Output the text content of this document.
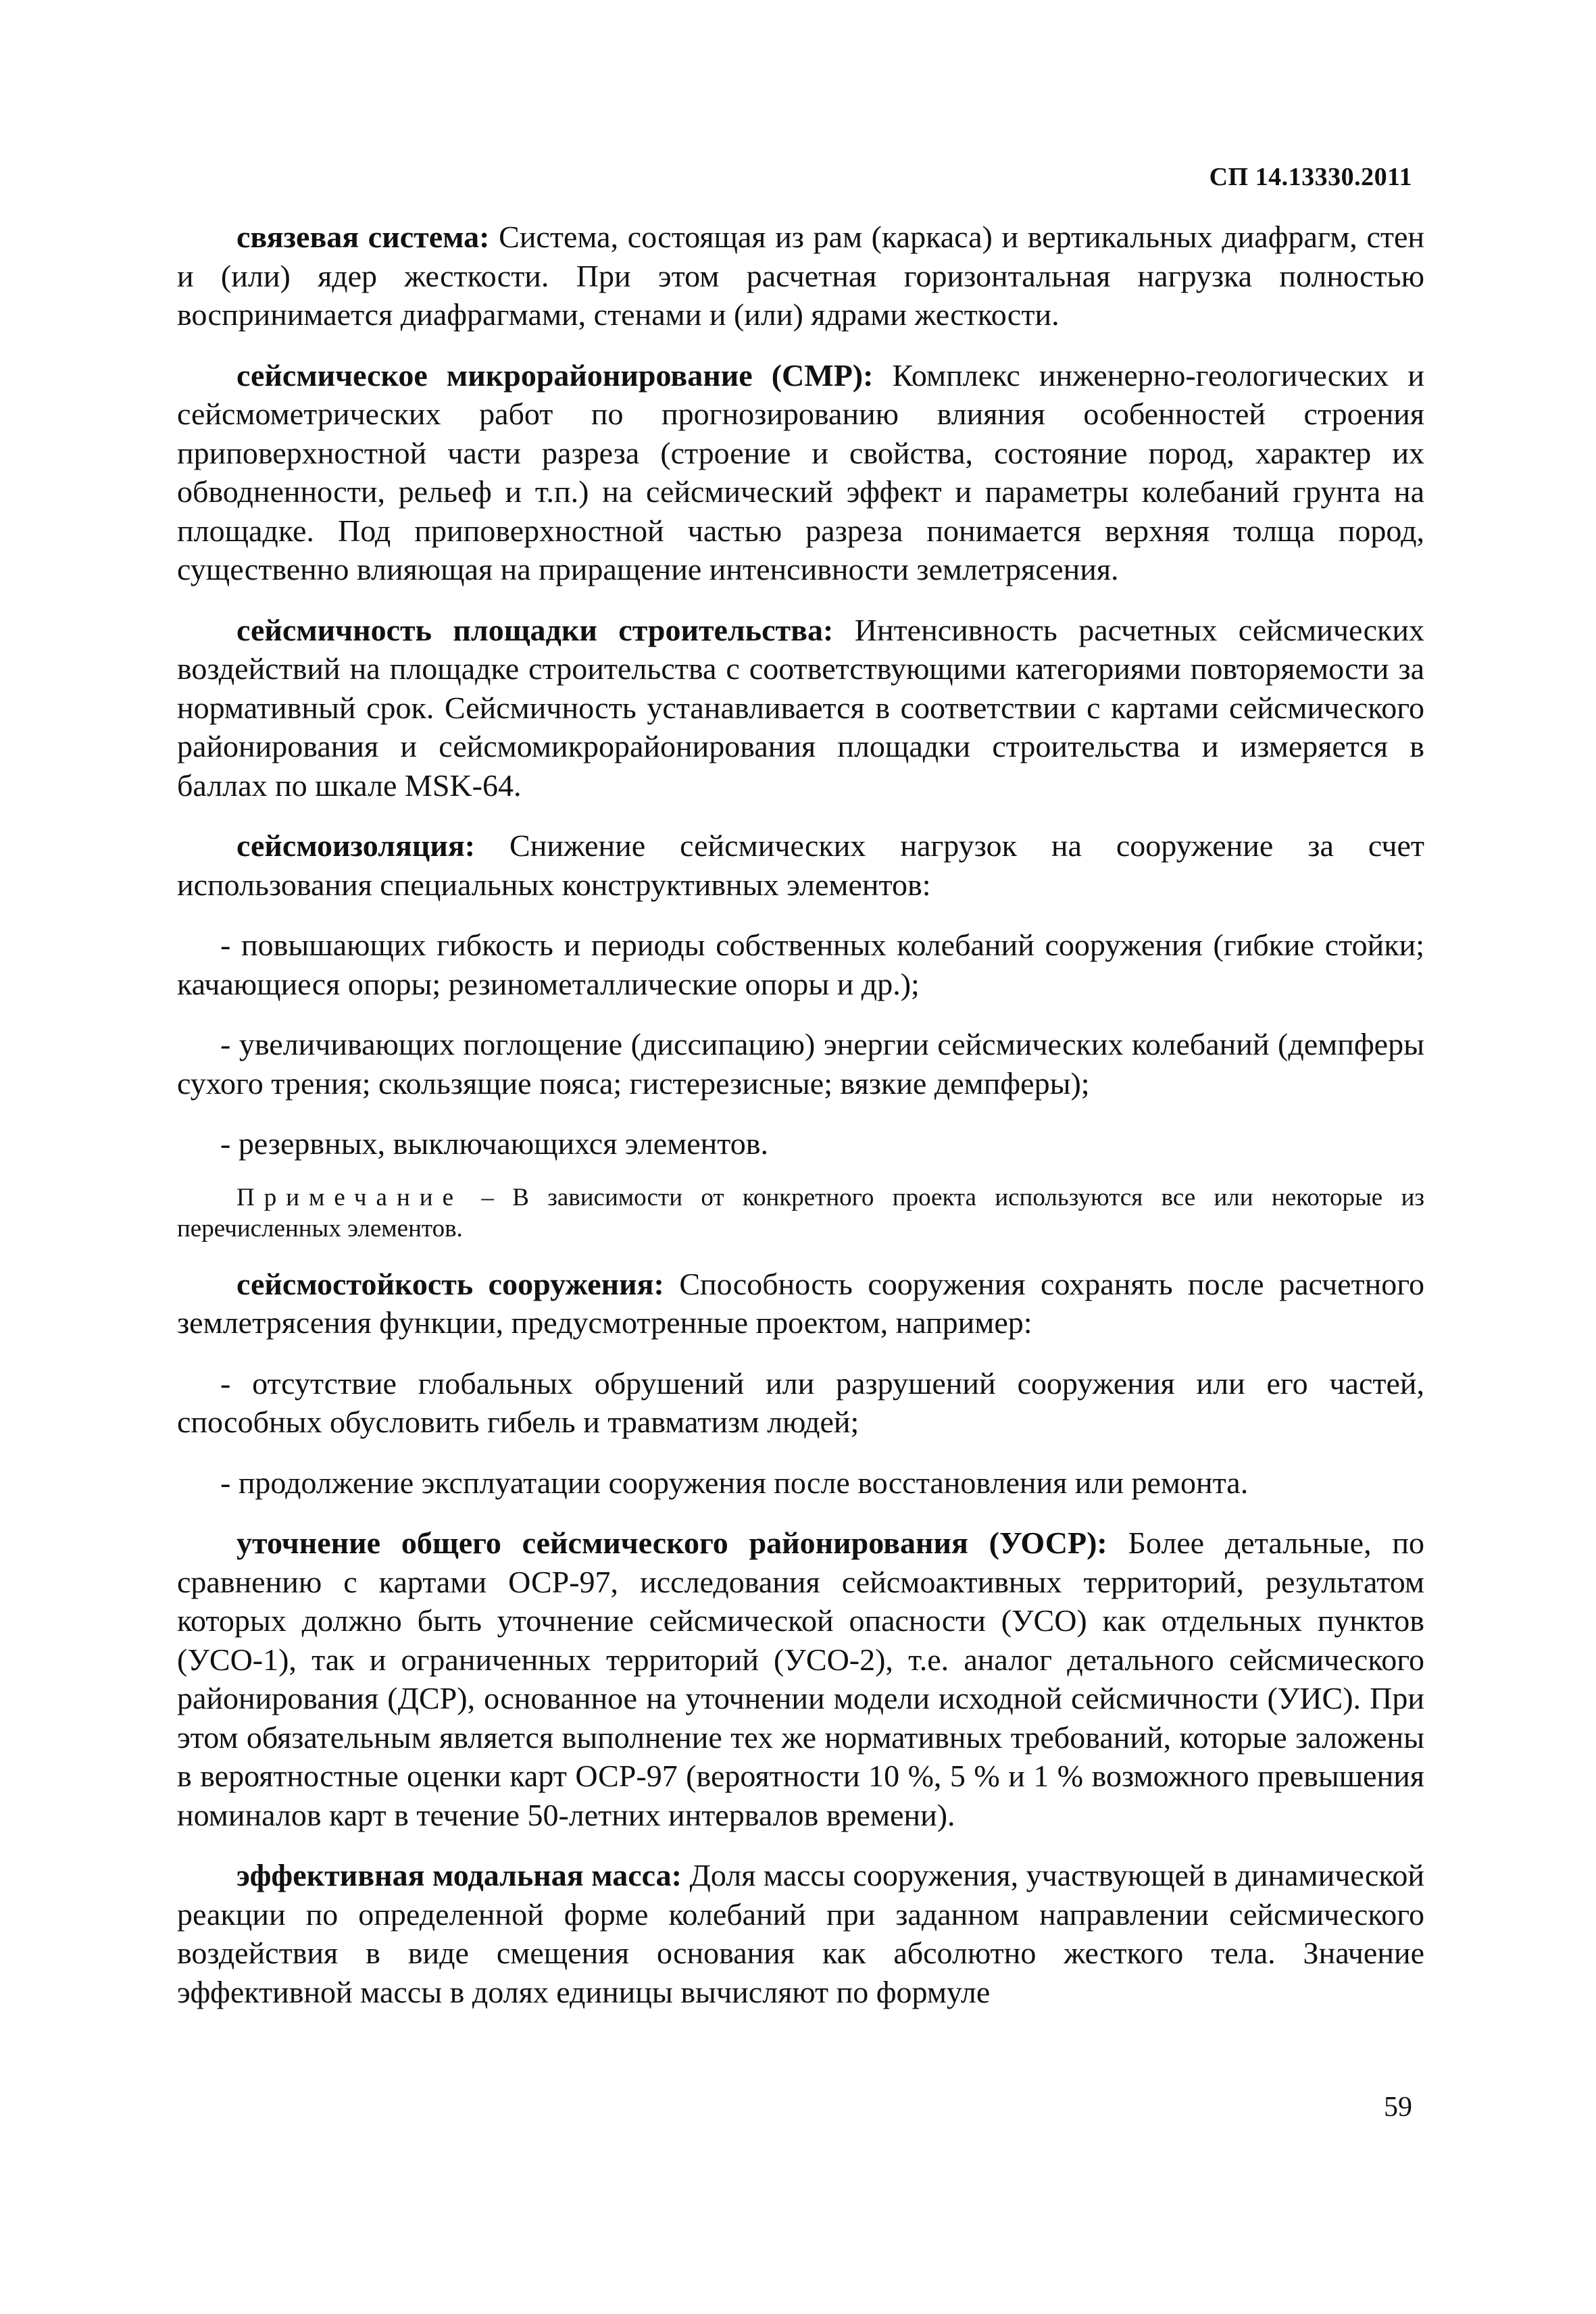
СП 14.13330.2011

связевая система: Система, состоящая из рам (каркаса) и вертикальных диафрагм, стен и (или) ядер жесткости. При этом расчетная горизонтальная нагрузка полностью воспринимается диафрагмами, стенами и (или) ядрами жесткости.

сейсмическое микрорайонирование (СМР): Комплекс инженерно-геологических и сейсмометрических работ по прогнозированию влияния особенностей строения приповерхностной части разреза (строение и свойства, состояние пород, характер их обводненности, рельеф и т.п.) на сейсмический эффект и параметры колебаний грунта на площадке. Под приповерхностной частью разреза понимается верхняя толща пород, существенно влияющая на приращение интенсивности землетрясения.

сейсмичность площадки строительства: Интенсивность расчетных сейсмических воздействий на площадке строительства с соответствующими категориями повторяемости за нормативный срок. Сейсмичность устанавливается в соответствии с картами сейсмического районирования и сейсмомикрорайонирования площадки строительства и измеряется в баллах по шкале MSK-64.

сейсмоизоляция: Снижение сейсмических нагрузок на сооружение за счет использования специальных конструктивных элементов:

- повышающих гибкость и периоды собственных колебаний сооружения (гибкие стойки; качающиеся опоры; резинометаллические опоры и др.);

- увеличивающих поглощение (диссипацию) энергии сейсмических колебаний (демпферы сухого трения; скользящие пояса; гистерезисные; вязкие демпферы);

- резервных, выключающихся элементов.

Примечание – В зависимости от конкретного проекта используются все или некоторые из перечисленных элементов.

сейсмостойкость сооружения: Способность сооружения сохранять после расчетного землетрясения функции, предусмотренные проектом, например:

- отсутствие глобальных обрушений или разрушений сооружения или его частей, способных обусловить гибель и травматизм людей;

- продолжение эксплуатации сооружения после восстановления или ремонта.

уточнение общего сейсмического районирования (УОСР): Более детальные, по сравнению с картами ОСР-97, исследования сейсмоактивных территорий, результатом которых должно быть уточнение сейсмической опасности (УСО) как отдельных пунктов (УСО-1), так и ограниченных территорий (УСО-2), т.е. аналог детального сейсмического районирования (ДСР), основанное на уточнении модели исходной сейсмичности (УИС). При этом обязательным является выполнение тех же нормативных требований, которые заложены в вероятностные оценки карт ОСР-97 (вероятности 10 %, 5 % и 1 % возможного превышения номиналов карт в течение 50-летних интервалов времени).

эффективная модальная масса: Доля массы сооружения, участвующей в динамической реакции по определенной форме колебаний при заданном направлении сейсмического воздействия в виде смещения основания как абсолютно жесткого тела. Значение эффективной массы в долях единицы вычисляют по формуле

59
